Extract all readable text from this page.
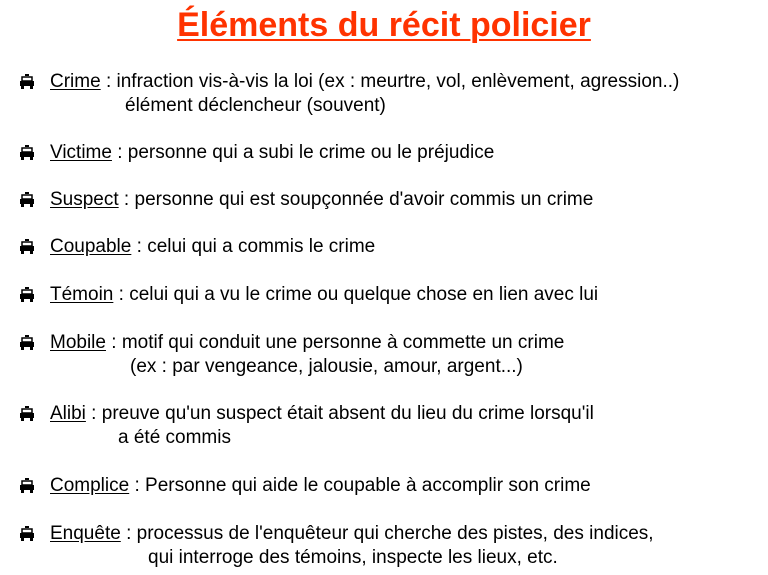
Éléments du récit policier
Crime : infraction vis-à-vis la loi (ex : meurtre, vol, enlèvement, agression..)
élément déclencheur (souvent)
Victime : personne qui a subi le crime ou le préjudice
Suspect : personne qui est soupçonnée d'avoir commis un crime
Coupable : celui qui a commis le crime
Témoin : celui qui a vu le crime ou quelque chose en lien avec lui
Mobile : motif qui conduit une personne à commette un crime
(ex : par vengeance, jalousie, amour, argent...)
Alibi : preuve qu'un suspect était absent du lieu du crime lorsqu'il
a été commis
Complice : Personne qui aide le coupable à accomplir son crime
Enquête : processus de l'enquêteur qui cherche des pistes, des indices,
qui interroge des témoins, inspecte les lieux, etc.
